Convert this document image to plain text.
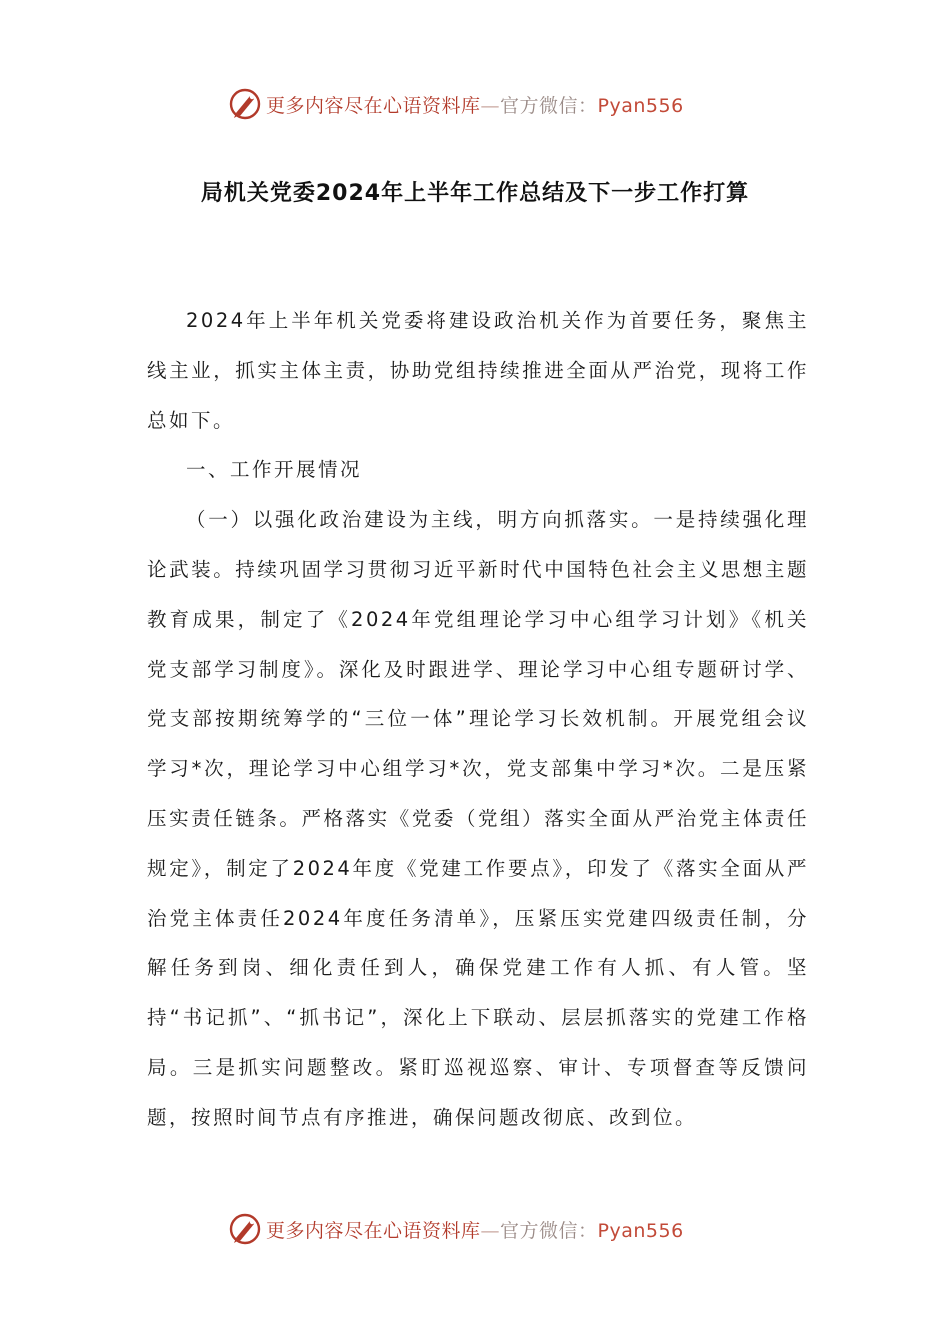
更多内容尽在心语资料库—官方微信：Pyan556
局机关党委2024年上半年工作总结及下一步工作打算

2024年上半年机关党委将建设政治机关作为首要任务，聚焦主线主业，抓实主体主责，协助党组持续推进全面从严治党，现将工作总如下。

一、工作开展情况

（一）以强化政治建设为主线，明方向抓落实。一是持续强化理论武装。持续巩固学习贯彻习近平新时代中国特色社会主义思想主题教育成果，制定了《2024年党组理论学习中心组学习计划》《机关党支部学习制度》。深化及时跟进学、理论学习中心组专题研讨学、党支部按期统筹学的“三位一体”理论学习长效机制。开展党组会议学习*次，理论学习中心组学习*次，党支部集中学习*次。二是压紧压实责任链条。严格落实《党委（党组）落实全面从严治党主体责任规定》，制定了2024年度《党建工作要点》，印发了《落实全面从严治党主体责任2024年度任务清单》，压紧压实党建四级责任制，分解任务到岗、细化责任到人，确保党建工作有人抓、有人管。坚持“书记抓”、“抓书记”，深化上下联动、层层抓落实的党建工作格局。三是抓实问题整改。紧盯巡视巡察、审计、专项督查等反馈问题，按照时间节点有序推进，确保问题改彻底、改到位。

更多内容尽在心语资料库—官方微信：Pyan556
